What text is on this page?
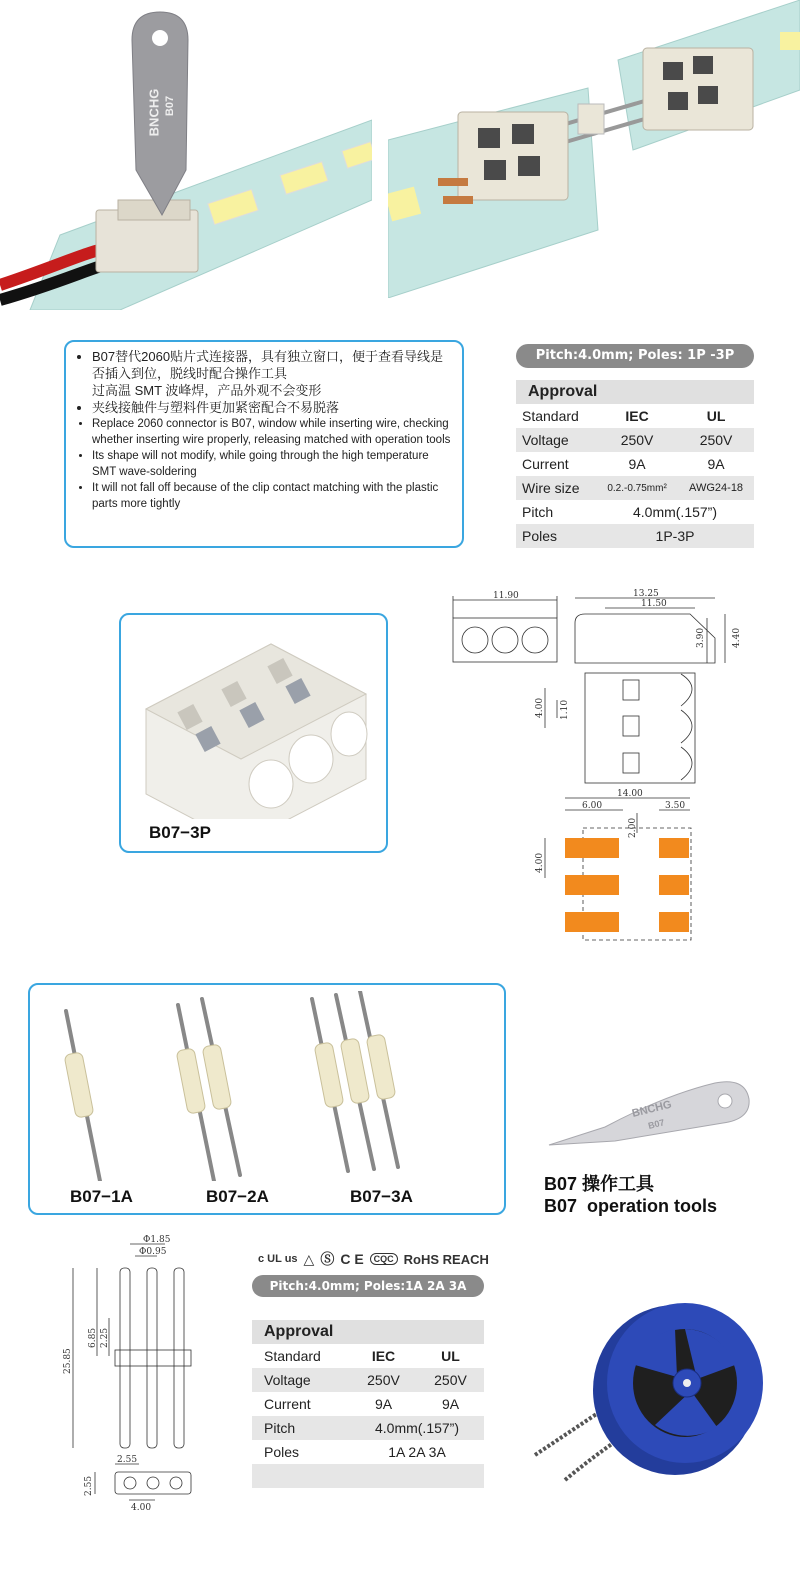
BNCHG B07
• B07替代2060贴片式连接器，具有独立窗口，便于查看导线是否插入到位，脱线时配合操作工具
过高温 SMT 波峰焊，产品外观不会变形
• 夹线接触件与塑料件更加紧密配合不易脱落
• Replace 2060 connector is B07, window while inserting wire, checking whether inserting wire properly, releasing matched with operation tools
• Its shape will not modify, while going through the high temperature SMT wave-soldering
• It will not fall off because of the clip contact matching with the plastic parts more tightly
Pitch:4.0mm; Poles: 1P -3P
Approval
Standard	IEC	UL
Voltage	250V	250V
Current	9A	9A
Wire size	0.2.-0.75mm²	AWG24-18
Pitch	4.0mm(.157”)	
Poles	1P-3P	
B07−3P
11.90	13.25
11.50
3.90	4.40
4.00 1.10
14.00
6.00	3.50
2.00
4.00
B07−1A	B07−2A	B07−3A
BNCHG
B07
B07 操作工具
B07  operation tools
Φ1.85
Φ0.95
6.85 2.25
25.85
2.55
2.55
4.00
c UL us △ Ⓢ C E	CQC RoHS REACH
Pitch:4.0mm; Poles:1A 2A 3A
Approval
Standard	IEC	UL
Voltage	250V	250V
Current	9A	9A
Pitch	4.0mm(.157”)	
Poles	1A 2A 3A	
